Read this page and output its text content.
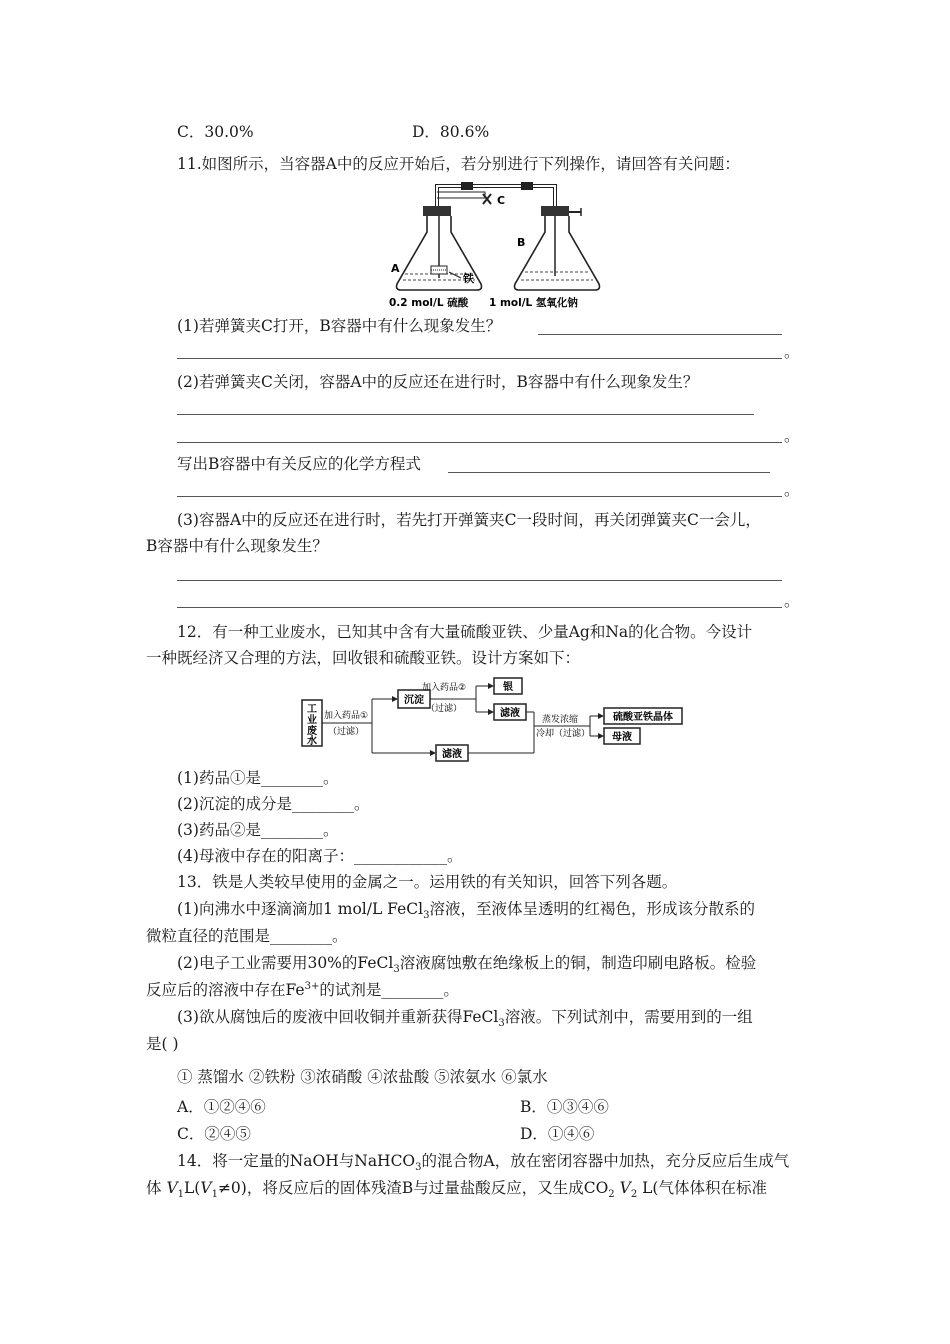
C．30.0%	D．80.6%
11.如图所示，当容器A中的反应开始后，若分别进行下列操作，请回答有关问题：
C
A
铁
B
0.2 mol/L 硫酸 1 mol/L 氢氧化钠
(1)若弹簧夹C打开，B容器中有什么现象发生？
。
(2)若弹簧夹C关闭，容器A中的反应还在进行时，B容器中有什么现象发生？
。
写出B容器中有关反应的化学方程式
。
(3)容器A中的反应还在进行时，若先打开弹簧夹C一段时间，再关闭弹簧夹C一会儿，
B容器中有什么现象发生？
。
12．有一种工业废水，已知其中含有大量硫酸亚铁、少量Ag和Na的化合物。今设计
一种既经济又合理的方法，回收银和硫酸亚铁。设计方案如下：
工
业
废
水
加入药品①
（过滤）
沉淀
加入药品②
（过滤）
银
滤液
滤液
蒸发浓缩
冷却（过滤）
硫酸亚铁晶体
母液
(1)药品①是________。
(2)沉淀的成分是________。
(3)药品②是________。
(4)母液中存在的阳离子：____________。
13．铁是人类较早使用的金属之一。运用铁的有关知识，回答下列各题。
(1)向沸水中逐滴滴加1 mol/L FeCl$_3$溶液，至液体呈透明的红褐色，形成该分散系的
微粒直径的范围是________。
(2)电子工业需要用30%的FeCl$_3$溶液腐蚀敷在绝缘板上的铜，制造印刷电路板。检验
反应后的溶液中存在$Fe^{3+}$的试剂是________。
(3)欲从腐蚀后的废液中回收铜并重新获得FeCl$_3$溶液。下列试剂中，需要用到的一组
是( )
① 蒸馏水 ②铁粉 ③浓硝酸 ④浓盐酸 ⑤浓氨水 ⑥氯水
A．①②④⑥	B．①③④⑥
C．②④⑤	D．①④⑥
14．将一定量的NaOH与NaHCO$_3$的混合物A，放在密闭容器中加热，充分反应后生成气
体 $V_1L(V_1\ne 0)$，将反应后的固体残渣B与过量盐酸反应，又生成$CO_2$ $V_2$ L(气体体积在标准
